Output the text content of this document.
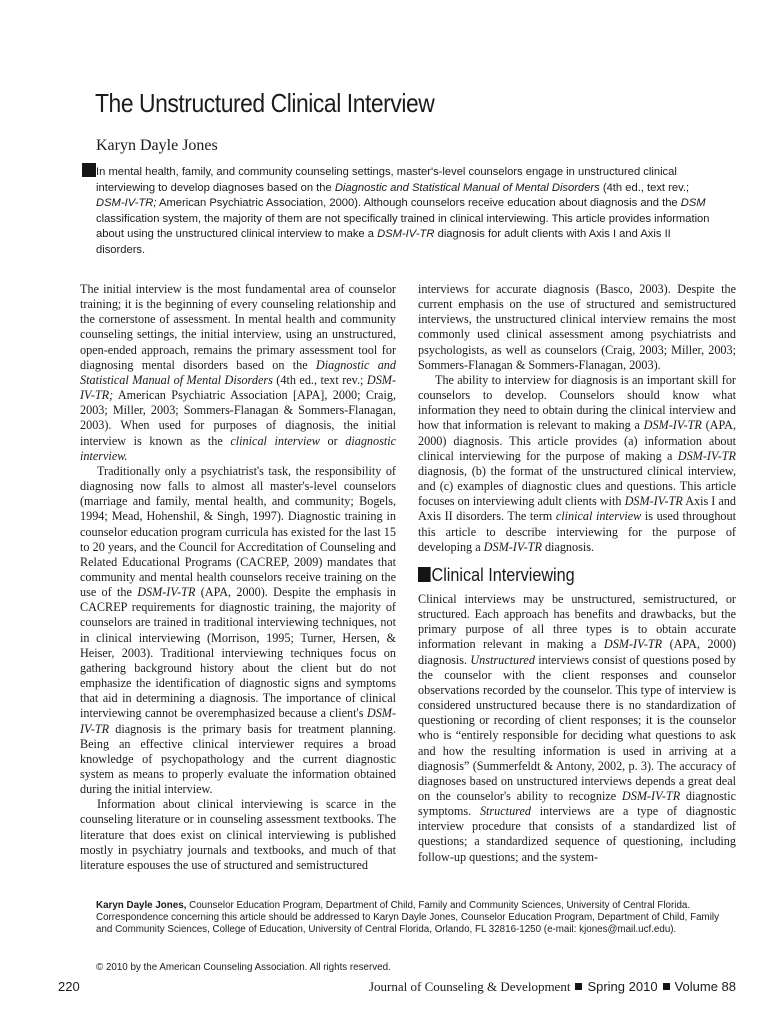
The Unstructured Clinical Interview

Karyn Dayle Jones

In mental health, family, and community counseling settings, master's-level counselors engage in unstructured clinical interviewing to develop diagnoses based on the Diagnostic and Statistical Manual of Mental Disorders (4th ed., text rev.; DSM-IV-TR; American Psychiatric Association, 2000). Although counselors receive education about diagnosis and the DSM classification system, the majority of them are not specifically trained in clinical interviewing. This article provides information about using the unstructured clinical interview to make a DSM-IV-TR diagnosis for adult clients with Axis I and Axis II disorders.

The initial interview is the most fundamental area of counselor training; it is the beginning of every counseling relationship and the cornerstone of assessment. In mental health and community counseling settings, the initial interview, using an unstructured, open-ended approach, remains the primary assessment tool for diagnosing mental disorders based on the Diagnostic and Statistical Manual of Mental Disorders (4th ed., text rev.; DSM-IV-TR; American Psychiatric Association [APA], 2000; Craig, 2003; Miller, 2003; Sommers-Flanagan & Sommers-Flanagan, 2003). When used for purposes of diagnosis, the initial interview is known as the clinical interview or diagnostic interview.

Traditionally only a psychiatrist's task, the responsibility of diagnosing now falls to almost all master's-level counselors (marriage and family, mental health, and community; Bogels, 1994; Mead, Hohenshil, & Singh, 1997). Diagnostic training in counselor education program curricula has existed for the last 15 to 20 years, and the Council for Accreditation of Counseling and Related Educational Programs (CACREP, 2009) mandates that community and mental health counselors receive training on the use of the DSM-IV-TR (APA, 2000). Despite the emphasis in CACREP requirements for diagnostic training, the majority of counselors are trained in traditional interviewing techniques, not in clinical interviewing (Morrison, 1995; Turner, Hersen, & Heiser, 2003). Traditional interviewing techniques focus on gathering background history about the client but do not emphasize the identification of diagnostic signs and symptoms that aid in determining a diagnosis. The importance of clinical interviewing cannot be overemphasized because a client's DSM-IV-TR diagnosis is the primary basis for treatment planning. Being an effective clinical interviewer requires a broad knowledge of psychopathology and the current diagnostic system as means to properly evaluate the information obtained during the initial interview.

Information about clinical interviewing is scarce in the counseling literature or in counseling assessment textbooks. The literature that does exist on clinical interviewing is published mostly in psychiatry journals and textbooks, and much of that literature espouses the use of structured and semistructured

interviews for accurate diagnosis (Basco, 2003). Despite the current emphasis on the use of structured and semistructured interviews, the unstructured clinical interview remains the most commonly used clinical assessment among psychiatrists and psychologists, as well as counselors (Craig, 2003; Miller, 2003; Sommers-Flanagan & Sommers-Flanagan, 2003).

The ability to interview for diagnosis is an important skill for counselors to develop. Counselors should know what information they need to obtain during the clinical interview and how that information is relevant to making a DSM-IV-TR (APA, 2000) diagnosis. This article provides (a) information about clinical interviewing for the purpose of making a DSM-IV-TR diagnosis, (b) the format of the unstructured clinical interview, and (c) examples of diagnostic clues and questions. This article focuses on interviewing adult clients with DSM-IV-TR Axis I and Axis II disorders. The term clinical interview is used throughout this article to describe interviewing for the purpose of developing a DSM-IV-TR diagnosis.

Clinical Interviewing

Clinical interviews may be unstructured, semistructured, or structured. Each approach has benefits and drawbacks, but the primary purpose of all three types is to obtain accurate information relevant in making a DSM-IV-TR (APA, 2000) diagnosis. Unstructured interviews consist of questions posed by the counselor with the client responses and counselor observations recorded by the counselor. This type of interview is considered unstructured because there is no standardization of questioning or recording of client responses; it is the counselor who is “entirely responsible for deciding what questions to ask and how the resulting information is used in arriving at a diagnosis” (Summerfeldt & Antony, 2002, p. 3). The accuracy of diagnoses based on unstructured interviews depends a great deal on the counselor's ability to recognize DSM-IV-TR diagnostic symptoms. Structured interviews are a type of diagnostic interview procedure that consists of a standardized list of questions; a standardized sequence of questioning, including follow-up questions; and the system-

Karyn Dayle Jones, Counselor Education Program, Department of Child, Family and Community Sciences, University of Central Florida. Correspondence concerning this article should be addressed to Karyn Dayle Jones, Counselor Education Program, Department of Child, Family and Community Sciences, College of Education, University of Central Florida, Orlando, FL 32816-1250 (e-mail: kjones@mail.ucf.edu).

© 2010 by the American Counseling Association. All rights reserved.

220	Journal of Counseling & Development Spring 2010 Volume 88
